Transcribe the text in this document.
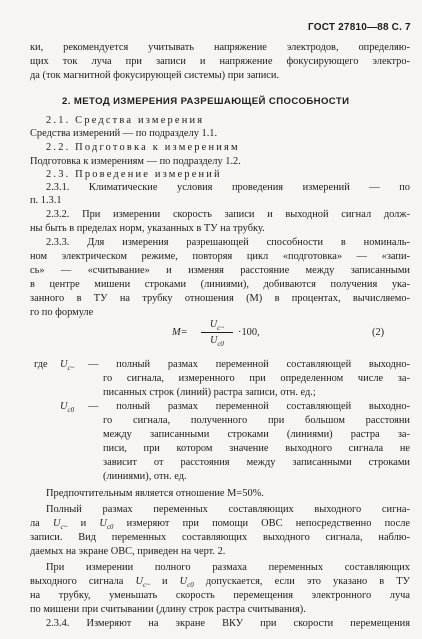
ГОСТ 27810—88 С. 7
ки, рекомендуется учитывать напряжение электродов, определяю-
щих ток луча при записи и напряжение фокусирующего электро-
да (ток магнитной фокусирующей системы) при записи.
2. МЕТОД ИЗМЕРЕНИЯ РАЗРЕШАЮЩЕЙ СПОСОБНОСТИ
2.1. Средства измерения
Средства измерений — по подразделу 1.1.
2.2. Подготовка к измерениям
Подготовка к измерениям — по подразделу 1.2.
2.3. Проведение измерений
2.3.1. Климатические условия проведения измерений — по
п. 1.3.1
2.3.2. При измерении скорость записи и выходной сигнал долж-
ны быть в пределах норм, указанных в ТУ на трубку.
2.3.3. Для измерения разрешающей способности в номиналь-
ном электрическом режиме, повторяя цикл «подготовка» — «запи-
сь» — «считывание» и изменяя расстояние между записанными
в центре мишени строками (линиями), добиваются получения ука-
занного в ТУ на трубку отношения (M) в процентах, вычисляемо-
го по формуле
M=
$U_{c\sim}$
$U_{c0}$
·100,	(2)
где $U_{c\sim}$ — полный размах переменной составляющей выходно-
го сигнала, измеренного при определенном числе за-
писанных строк (линий) растра записи, отн. ед.;
$U_{c0}$ — полный размах переменной составляющей выходно-
го сигнала, полученного при большом расстояни
между записанными строками (линиями) растра за-
писи, при котором значение выходного сигнала не
зависит от расстояния между записанными строками
(линиями), отн. ед.
Предпочтительным является отношение M=50%.
Полный размах переменных составляющих выходного сигна-
ла $U_{c\sim}$ и $U_{c0}$ измеряют при помощи ОВС непосредственно после
записи. Вид переменных составляющих выходного сигнала, наблю-
даемых на экране ОВС, приведен на черт. 2.
При измерении полного размаха переменных составляющих
выходного сигнала $U_{c\sim}$ и $U_{c0}$ допускается, если это указано в ТУ
на трубку, уменьшать скорость перемещения электронного луча
по мишени при считывании (длину строк растра считывания).
2.3.4. Измеряют на экране ВКУ при скорости перемещения
